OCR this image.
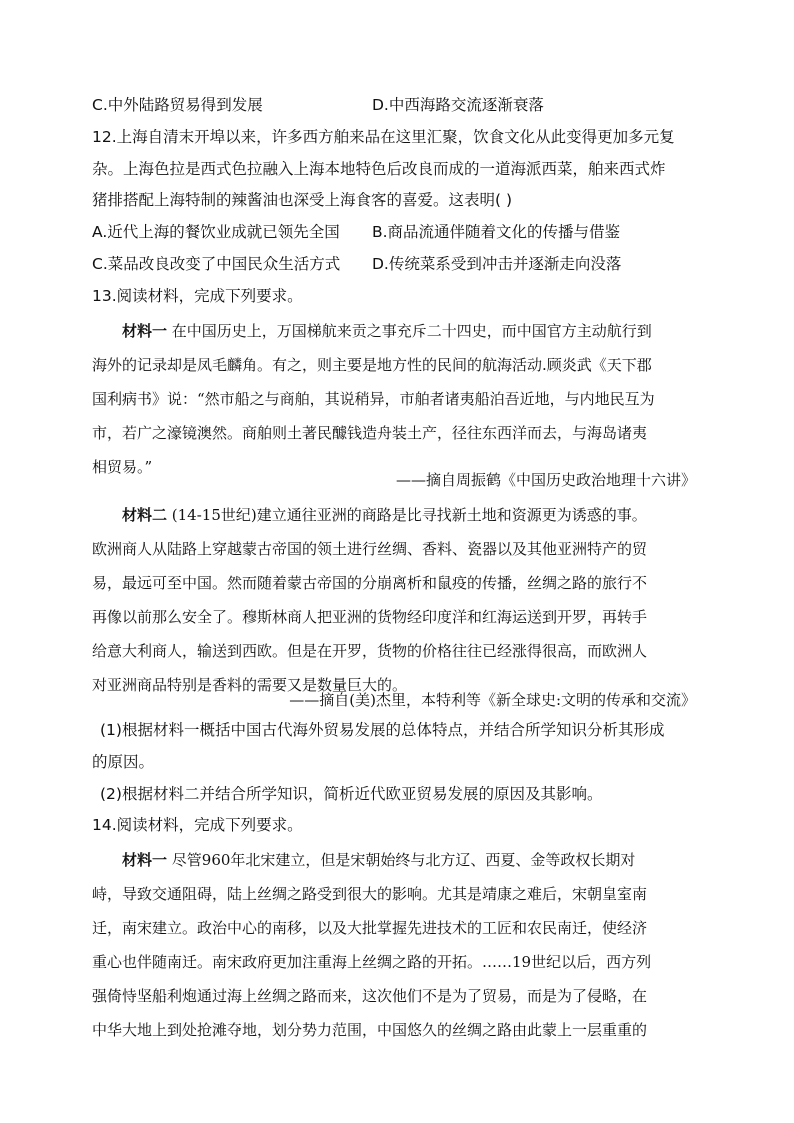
C.中外陆路贸易得到发展	D.中西海路交流逐渐衰落
12.上海自清末开埠以来，许多西方舶来品在这里汇聚，饮食文化从此变得更加多元复
杂。上海色拉是西式色拉融入上海本地特色后改良而成的一道海派西菜，舶来西式炸
猪排搭配上海特制的辣酱油也深受上海食客的喜爱。这表明( )
A.近代上海的餐饮业成就已领先全国 B.商品流通伴随着文化的传播与借鉴
C.菜品改良改变了中国民众生活方式 D.传统菜系受到冲击并逐渐走向没落
13.阅读材料，完成下列要求。
材料一 在中国历史上，万国梯航来贡之事充斥二十四史，而中国官方主动航行到
海外的记录却是凤毛麟角。有之，则主要是地方性的民间的航海活动.顾炎武《天下郡
国利病书》说：“然市船之与商舶，其说稍异，市舶者诸夷船泊吾近地，与内地民互为
市，若广之濠镜澳然。商舶则土著民醵钱造舟装土产，径往东西洋而去，与海岛诸夷
相贸易。”
——摘自周振鹤《中国历史政治地理十六讲》
材料二 (14-15世纪)建立通往亚洲的商路是比寻找新土地和资源更为诱惑的事。
欧洲商人从陆路上穿越蒙古帝国的领土进行丝绸、香料、瓷器以及其他亚洲特产的贸
易，最远可至中国。然而随着蒙古帝国的分崩离析和鼠疫的传播，丝绸之路的旅行不
再像以前那么安全了。穆斯林商人把亚洲的货物经印度洋和红海运送到开罗，再转手
给意大利商人，输送到西欧。但是在开罗，货物的价格往往已经涨得很高，而欧洲人
对亚洲商品特别是香料的需要又是数量巨大的。
——摘自(美)杰里，本特利等《新全球史:文明的传承和交流》
(1)根据材料一概括中国古代海外贸易发展的总体特点，并结合所学知识分析其形成
的原因。
(2)根据材料二并结合所学知识，简析近代欧亚贸易发展的原因及其影响。
14.阅读材料，完成下列要求。
材料一 尽管960年北宋建立，但是宋朝始终与北方辽、西夏、金等政权长期对
峙，导致交通阻碍，陆上丝绸之路受到很大的影响。尤其是靖康之难后，宋朝皇室南
迁，南宋建立。政治中心的南移，以及大批掌握先进技术的工匠和农民南迁，使经济
重心也伴随南迁。南宋政府更加注重海上丝绸之路的开拓。……19世纪以后，西方列
强倚恃坚船利炮通过海上丝绸之路而来，这次他们不是为了贸易，而是为了侵略，在
中华大地上到处抢滩夺地，划分势力范围，中国悠久的丝绸之路由此蒙上一层重重的
